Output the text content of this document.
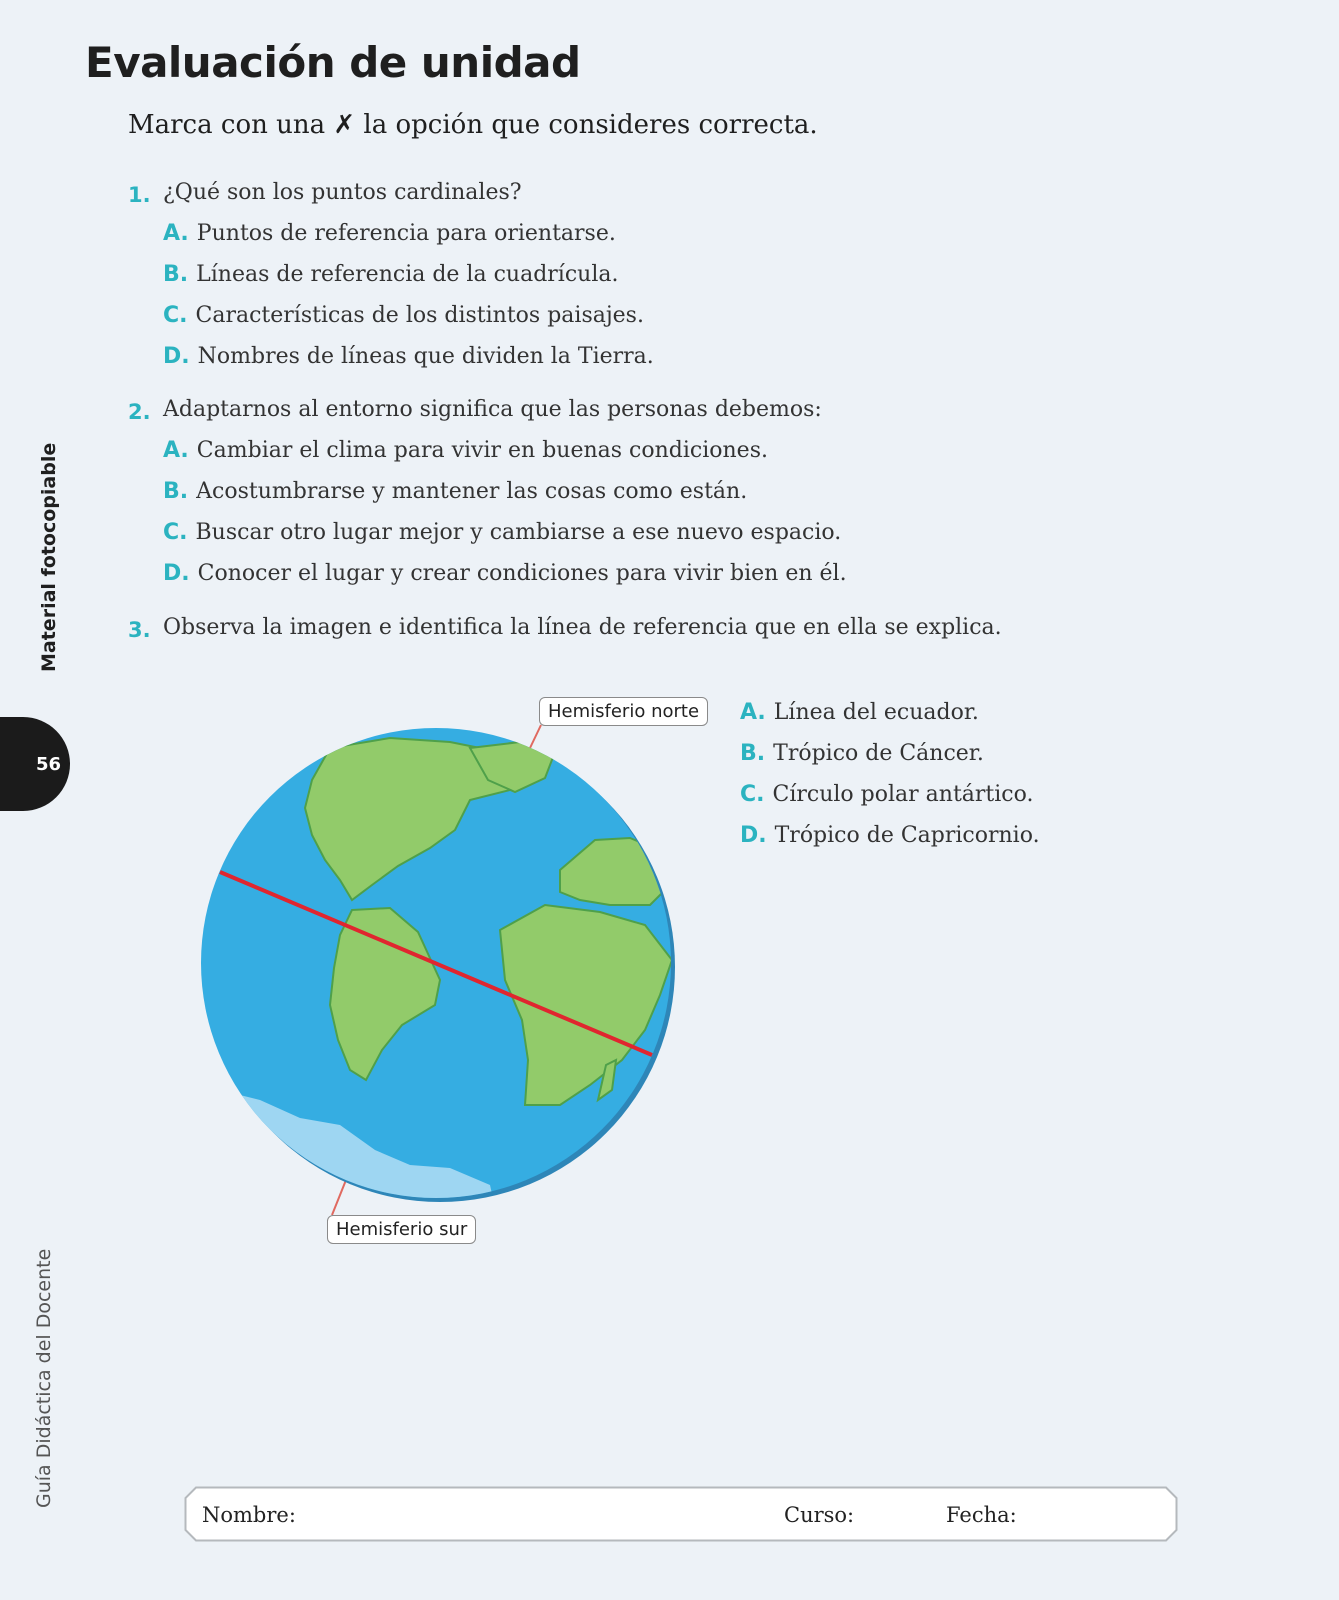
Evaluación de unidad

Marca con una ✗ la opción que consideres correcta.

1. ¿Qué son los puntos cardinales?
A. Puntos de referencia para orientarse.
B. Líneas de referencia de la cuadrícula.
C. Características de los distintos paisajes.
D. Nombres de líneas que dividen la Tierra.
2. Adaptarnos al entorno significa que las personas debemos:
A. Cambiar el clima para vivir en buenas condiciones.
B. Acostumbrarse y mantener las cosas como están.
C. Buscar otro lugar mejor y cambiarse a ese nuevo espacio.
D. Conocer el lugar y crear condiciones para vivir bien en él.
3. Observa la imagen e identifica la línea de referencia que en ella se explica.
A. Línea del ecuador.
B. Trópico de Cáncer.
C. Círculo polar antártico.
D. Trópico de Capricornio.
Hemisferio norte
Hemisferio sur
Material fotocopiable
56
Guía Didáctica del Docente
Nombre:	Curso:	Fecha:
